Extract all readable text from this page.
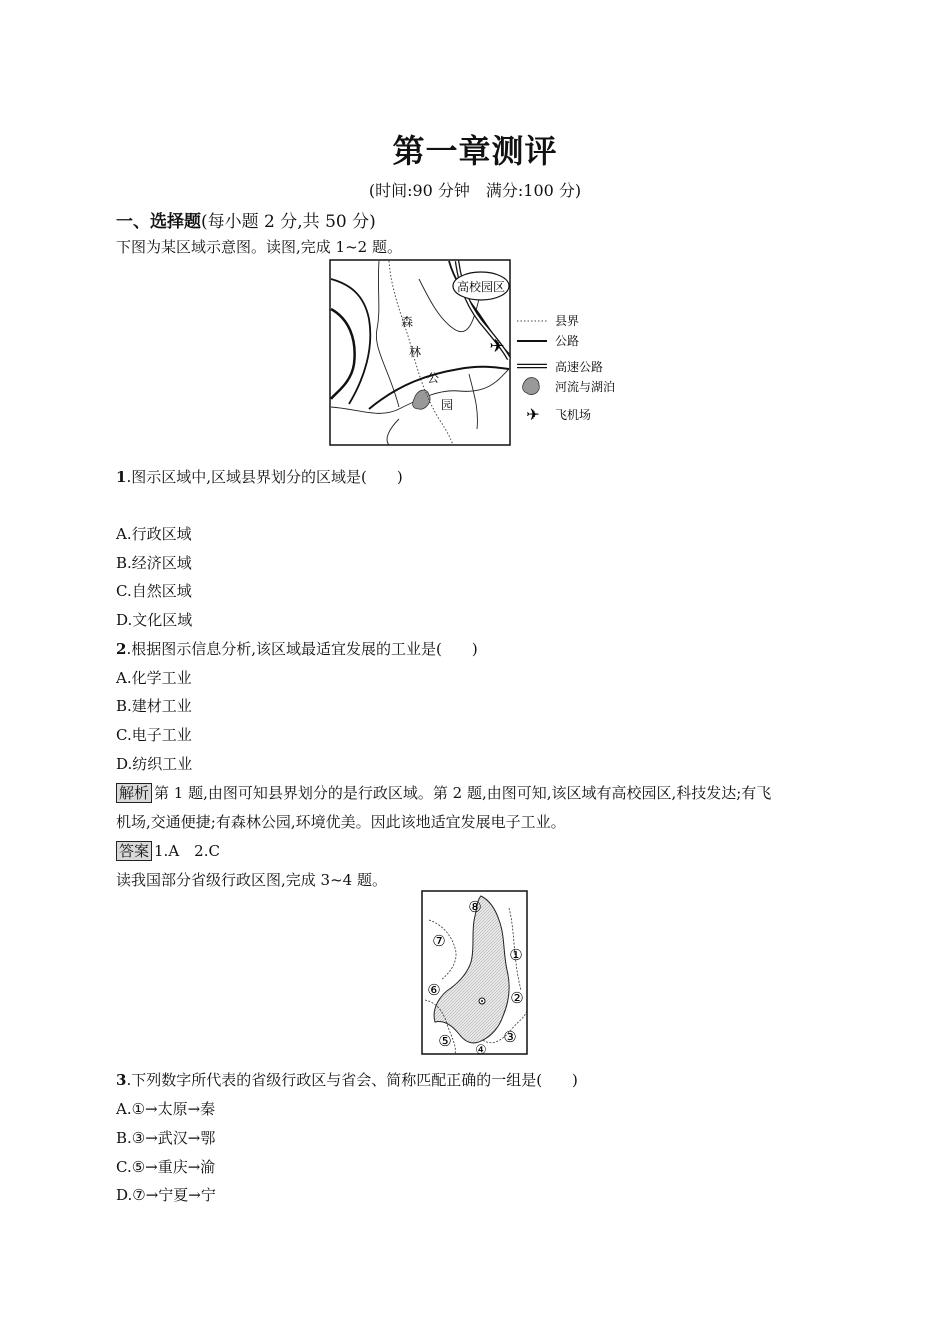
第一章测评
(时间:90 分钟　满分:100 分)
一、选择题(每小题 2 分,共 50 分)
下图为某区域示意图。读图,完成 1~2 题。
高校园区
✈
森
林
公
园	✈
县界
公路
高速公路
河流与湖泊
飞机场
1.图示区域中,区域县界划分的区域是(　　)
A.行政区域
B.经济区域
C.自然区域
D.文化区域
2.根据图示信息分析,该区域最适宜发展的工业是(　　)
A.化学工业
B.建材工业
C.电子工业
D.纺织工业
解析 第 1 题,由图可知县界划分的是行政区域。第 2 题,由图可知,该区域有高校园区,科技发达;有飞
机场,交通便捷;有森林公园,环境优美。因此该地适宜发展电子工业。
答案 1.A　2.C
读我国部分省级行政区图,完成 3~4 题。
⑧
①
②
③
④
⑤
⑥
⑦
3.下列数字所代表的省级行政区与省会、简称匹配正确的一组是(　　)
A.①→太原→秦
B.③→武汉→鄂
C.⑤→重庆→渝
D.⑦→宁夏→宁
